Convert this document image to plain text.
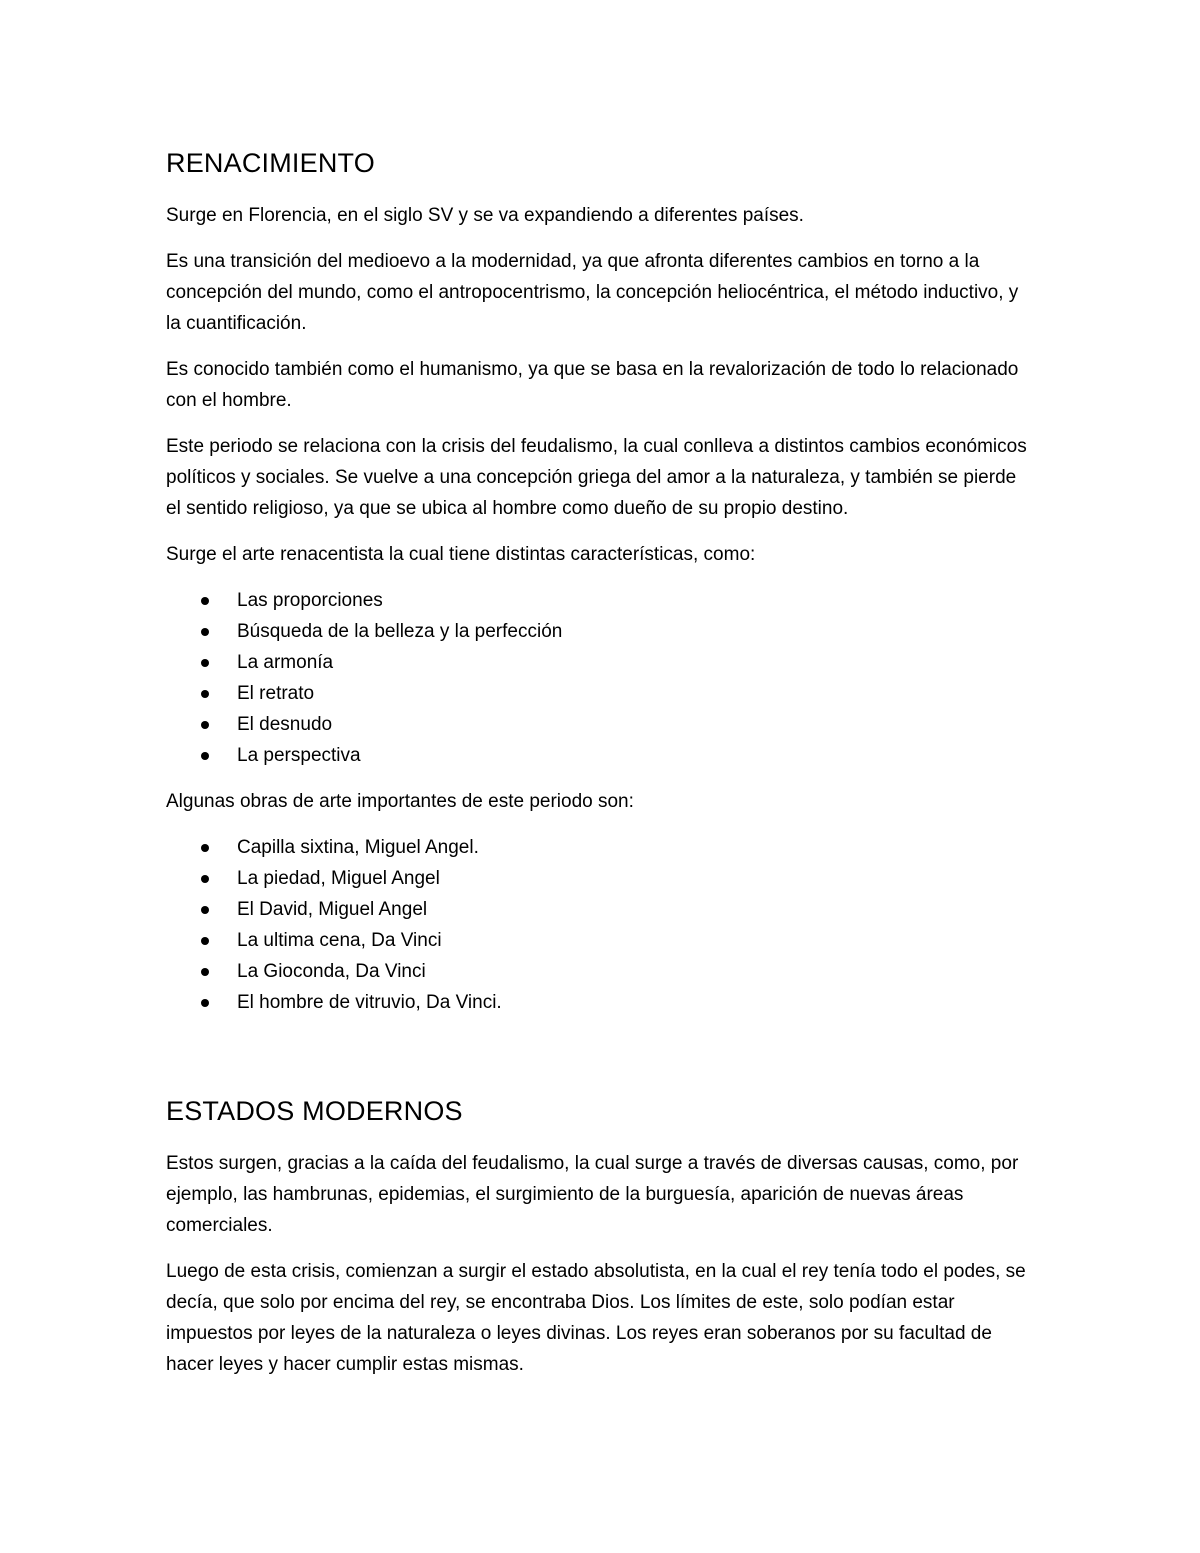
RENACIMIENTO

Surge en Florencia, en el siglo SV y se va expandiendo a diferentes países.

Es una transición del medioevo a la modernidad, ya que afronta diferentes cambios en torno a la concepción del mundo, como el antropocentrismo, la concepción heliocéntrica, el método inductivo, y la cuantificación.

Es conocido también como el humanismo, ya que se basa en la revalorización de todo lo relacionado con el hombre.

Este periodo se relaciona con la crisis del feudalismo, la cual conlleva a distintos cambios económicos políticos y sociales. Se vuelve a una concepción griega del amor a la naturaleza, y también se pierde el sentido religioso, ya que se ubica al hombre como dueño de su propio destino.

Surge el arte renacentista la cual tiene distintas características, como:

Las proporciones
Búsqueda de la belleza y la perfección
La armonía
El retrato
El desnudo
La perspectiva

Algunas obras de arte importantes de este periodo son:

Capilla sixtina, Miguel Angel.
La piedad, Miguel Angel
El David, Miguel Angel
La ultima cena, Da Vinci
La Gioconda, Da Vinci
El hombre de vitruvio, Da Vinci.
ESTADOS MODERNOS

Estos surgen, gracias a la caída del feudalismo, la cual surge a través de diversas causas, como, por ejemplo, las hambrunas, epidemias, el surgimiento de la burguesía, aparición de nuevas áreas comerciales.

Luego de esta crisis, comienzan a surgir el estado absolutista, en la cual el rey tenía todo el podes, se decía, que solo por encima del rey, se encontraba Dios. Los límites de este, solo podían estar impuestos por leyes de la naturaleza o leyes divinas. Los reyes eran soberanos por su facultad de hacer leyes y hacer cumplir estas mismas.
